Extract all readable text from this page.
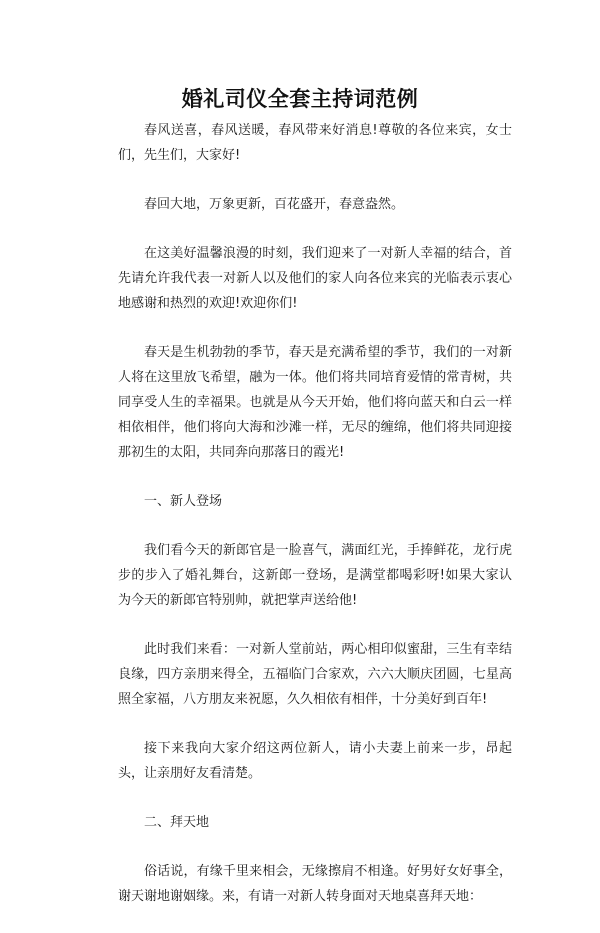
婚礼司仪全套主持词范例

春风送喜，春风送暖，春风带来好消息!尊敬的各位来宾，女士们，先生们，大家好!

春回大地，万象更新，百花盛开，春意盎然。

在这美好温馨浪漫的时刻，我们迎来了一对新人幸福的结合，首先请允许我代表一对新人以及他们的家人向各位来宾的光临表示衷心地感谢和热烈的欢迎!欢迎你们!

春天是生机勃勃的季节，春天是充满希望的季节，我们的一对新人将在这里放飞希望，融为一体。他们将共同培育爱情的常青树，共同享受人生的幸福果。也就是从今天开始，他们将向蓝天和白云一样相依相伴，他们将向大海和沙滩一样，无尽的缠绵，他们将共同迎接那初生的太阳，共同奔向那落日的霞光!

一、新人登场

我们看今天的新郎官是一脸喜气，满面红光，手捧鲜花，龙行虎步的步入了婚礼舞台，这新郎一登场，是满堂都喝彩呀!如果大家认为今天的新郎官特别帅，就把掌声送给他!

此时我们来看：一对新人堂前站，两心相印似蜜甜，三生有幸结良缘，四方亲朋来得全，五福临门合家欢，六六大顺庆团圆，七星高照全家福，八方朋友来祝愿，久久相依有相伴，十分美好到百年!

接下来我向大家介绍这两位新人，请小夫妻上前来一步，昂起头，让亲朋好友看清楚。

二、拜天地

俗话说，有缘千里来相会，无缘擦肩不相逢。好男好女好事全，谢天谢地谢姻缘。来，有请一对新人转身面对天地桌喜拜天地：
